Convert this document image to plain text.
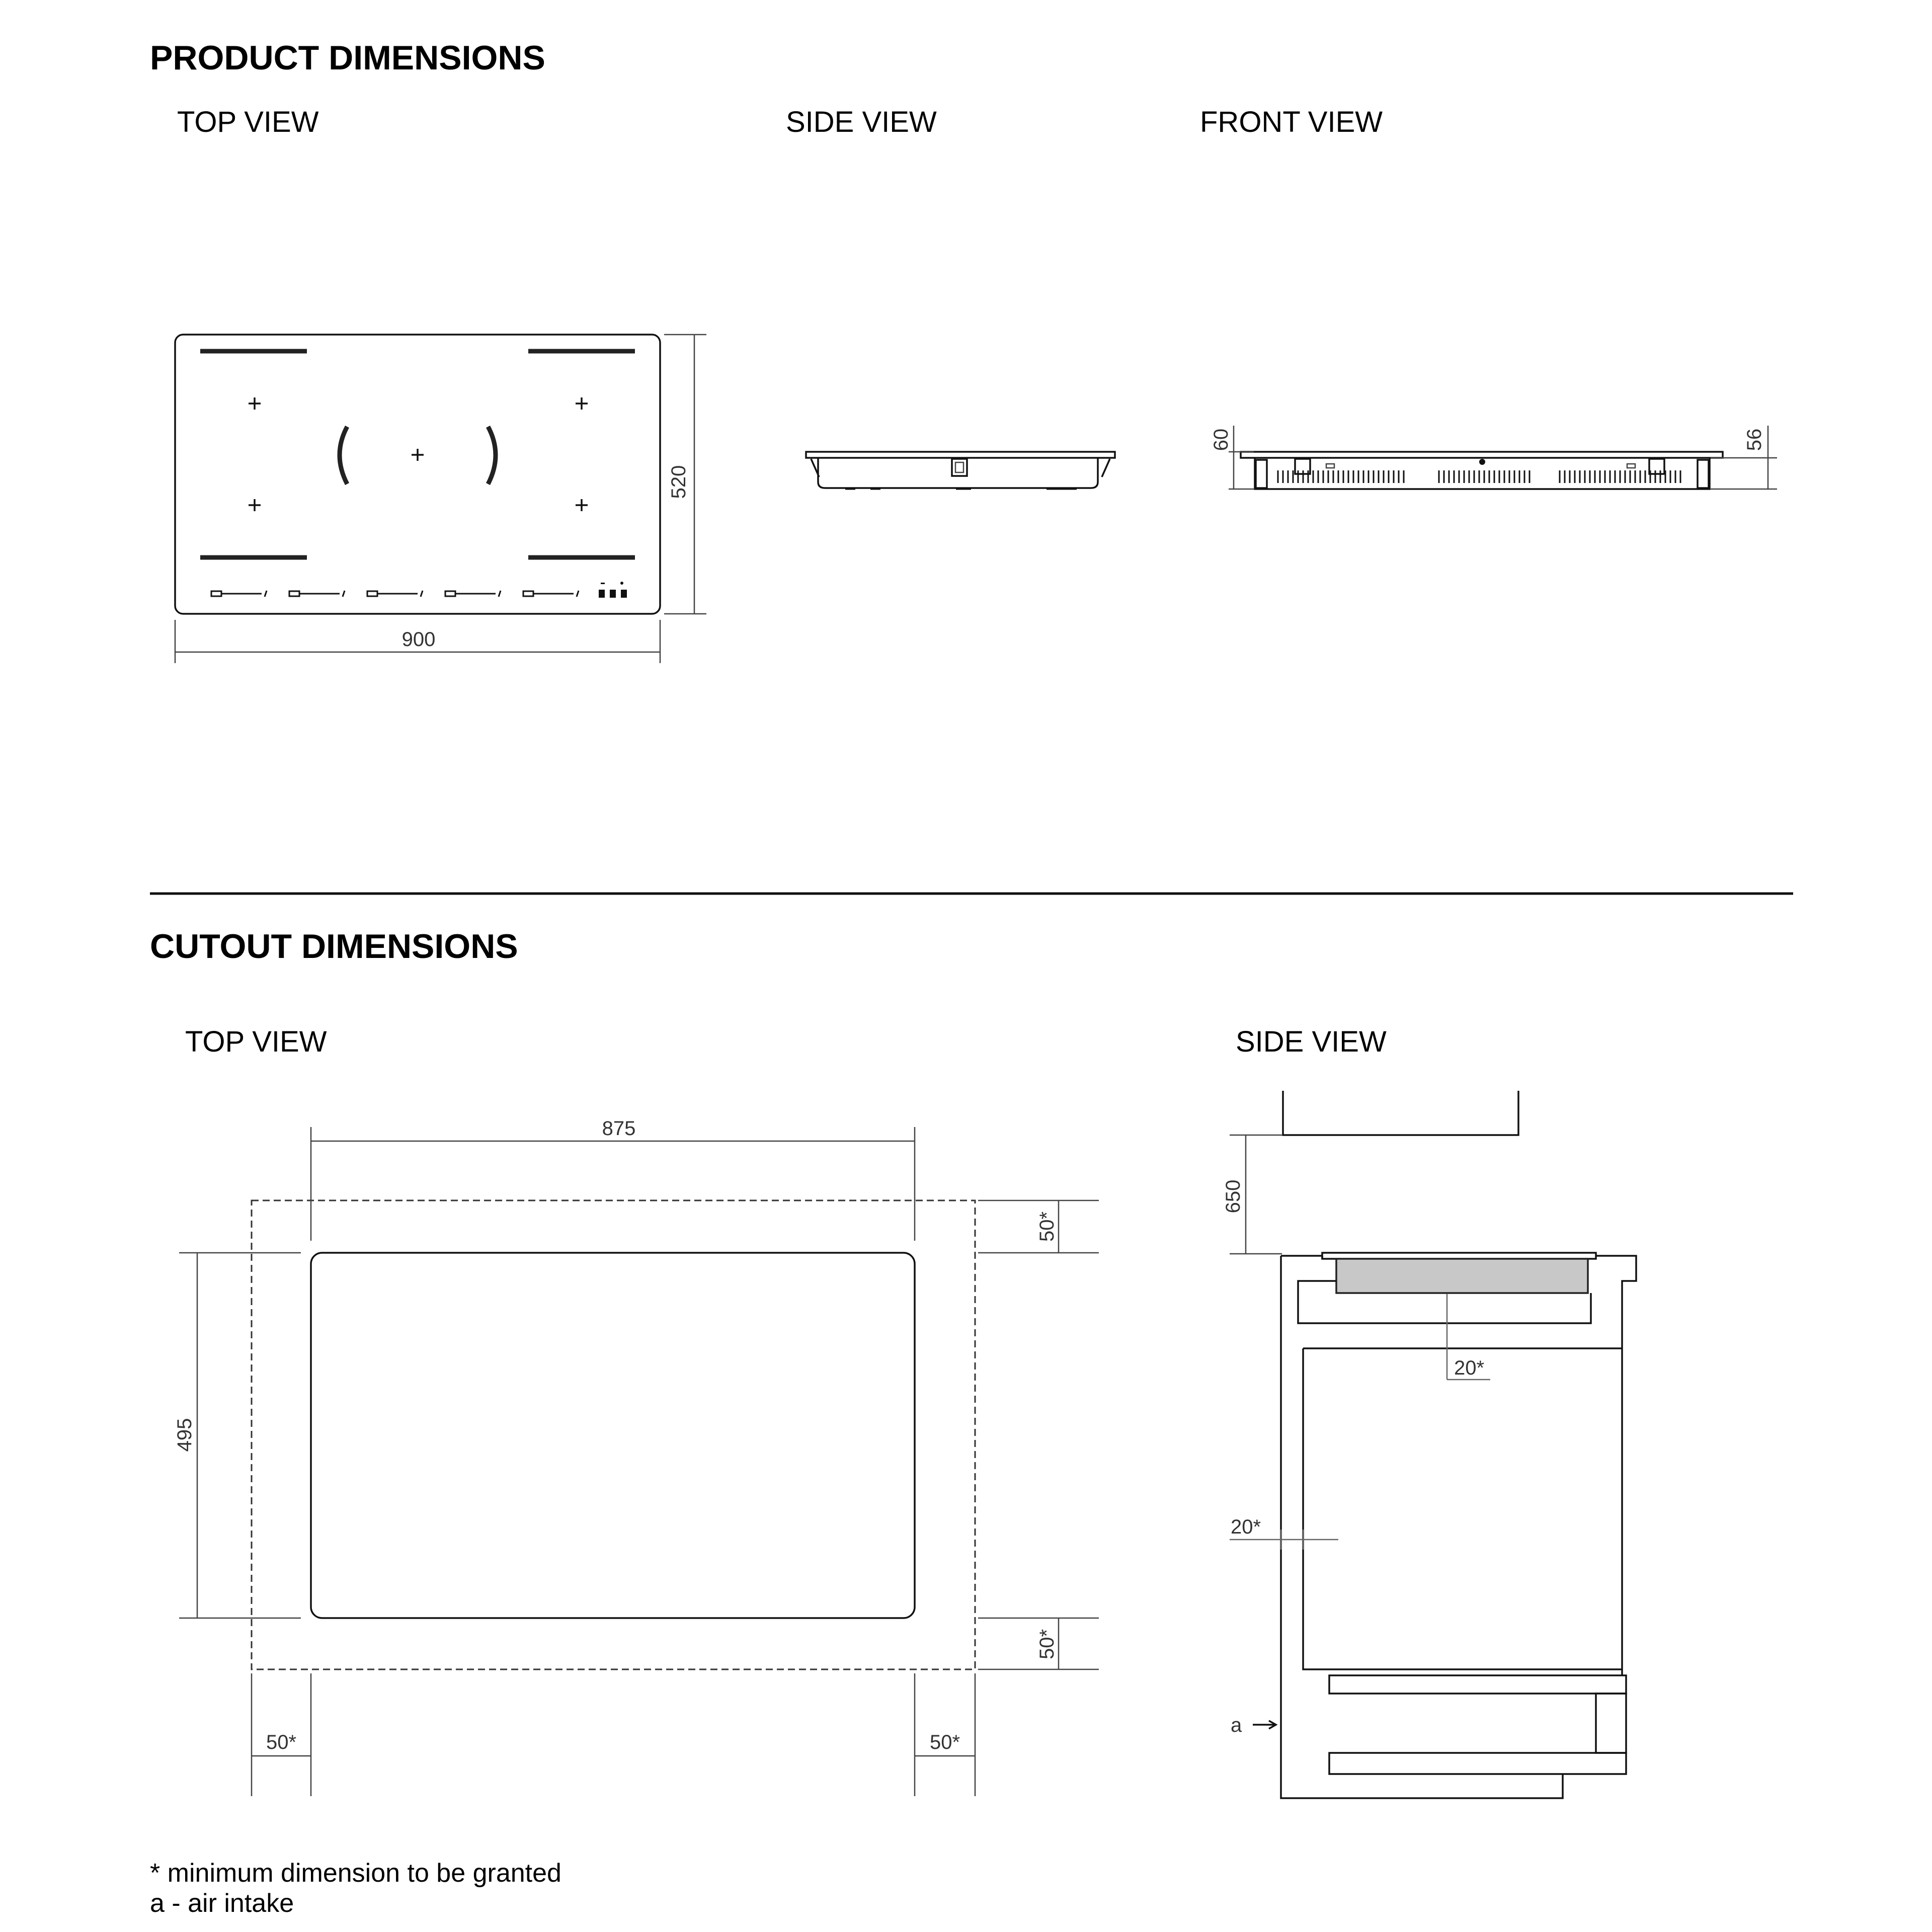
PRODUCT DIMENSIONS
TOP VIEW	SIDE VIEW	FRONT VIEW
900
520
60	56
CUTOUT DIMENSIONS
TOP VIEW	SIDE VIEW
875
495
50*
50*
50*	50*
650
20*
20*
a
* minimum dimension to be granted
a - air intake
